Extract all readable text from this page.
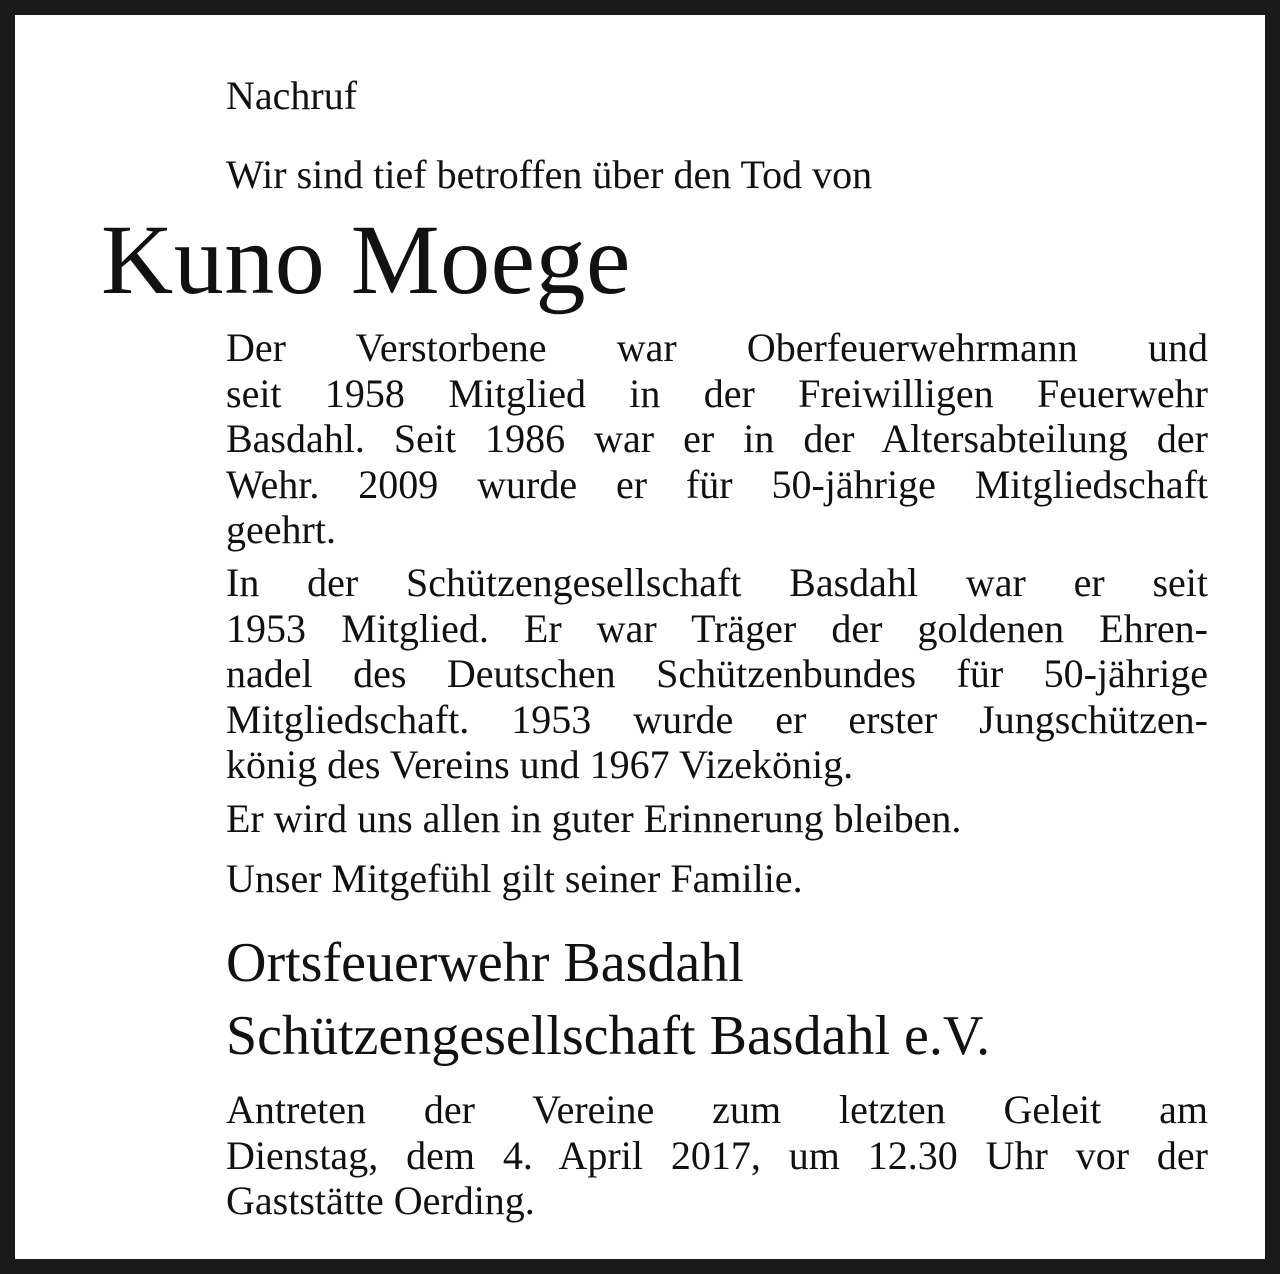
Nachruf

Wir sind tief betroffen über den Tod von

Kuno Moege

Der Verstorbene war Oberfeuerwehrmann und
seit 1958 Mitglied in der Freiwilligen Feuerwehr
Basdahl. Seit 1986 war er in der Altersabteilung der
Wehr. 2009 wurde er für 50-jährige Mitgliedschaft
geehrt.
In der Schützengesellschaft Basdahl war er seit
1953 Mitglied. Er war Träger der goldenen Ehren-
nadel des Deutschen Schützenbundes für 50-jährige
Mitgliedschaft. 1953 wurde er erster Jungschützen-
könig des Vereins und 1967 Vizekönig.

Er wird uns allen in guter Erinnerung bleiben.

Unser Mitgefühl gilt seiner Familie.

Ortsfeuerwehr Basdahl

Schützengesellschaft Basdahl e.V.

Antreten der Vereine zum letzten Geleit am
Dienstag, dem 4. April 2017, um 12.30 Uhr vor der
Gaststätte Oerding.
